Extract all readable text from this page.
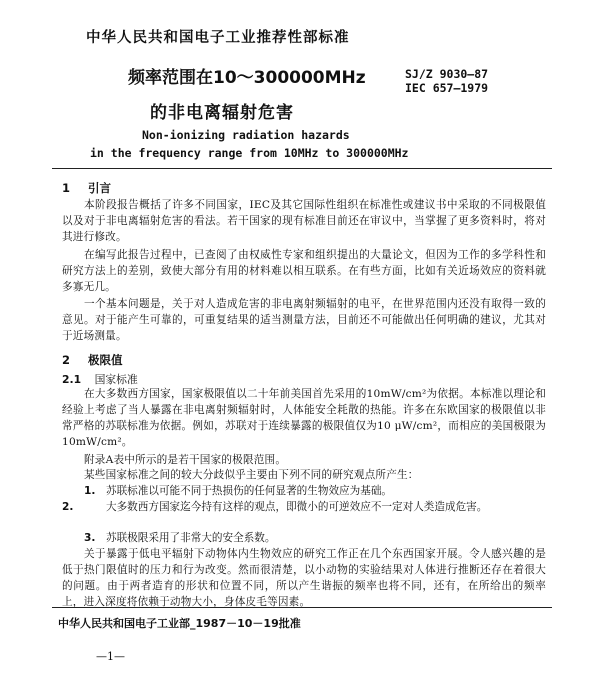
中华人民共和国电子工业推荐性部标准
频率范围在10～300000MHz
的非电离辐射危害
SJ/Z 9030—87
IEC 657—1979
Non-ionizing radiation hazards
in the frequency range from 10MHz to 300000MHz
1 引言
本阶段报告概括了许多不同国家，IEC及其它国际性组织在标准性或建议书中采取的不同极限值以及对于非电离辐射危害的看法。若干国家的现有标准目前还在审议中，当掌握了更多资料时，将对其进行修改。
在编写此报告过程中，已查阅了由权威性专家和组织提出的大量论文，但因为工作的多学科性和研究方法上的差别，致使大部分有用的材料难以相互联系。在有些方面，比如有关近场效应的资料就多寡无几。
一个基本问题是，关于对人造成危害的非电离射频辐射的电平，在世界范围内还没有取得一致的意见。对于能产生可靠的，可重复结果的适当测量方法，目前还不可能做出任何明确的建议，尤其对于近场测量。
2 极限值
2.1 国家标准
在大多数西方国家，国家极限值以二十年前美国首先采用的10mW/cm²为依据。本标准以理论和经验上考虑了当人暴露在非电离射频辐射时，人体能安全耗散的热能。许多在东欧国家的极限值以非常严格的苏联标准为依据。例如，苏联对于连续暴露的极限值仅为10 μW/cm²，而相应的美国极限为10mW/cm²。
附录A表中所示的是若干国家的极限范围。
某些国家标准之间的较大分歧似乎主要由下列不同的研究观点所产生：
1. 苏联标准以可能不同于热损伤的任何显著的生物效应为基础。
2.	大多数西方国家迄今持有这样的观点，即微小的可逆效应不一定对人类造成危害。
3. 苏联极限采用了非常大的安全系数。
关于暴露于低电平辐射下动物体内生物效应的研究工作正在几个东西国家开展。令人感兴趣的是低于热门限值时的压力和行为改变。然而很清楚，以小动物的实验结果对人体进行推断还存在着很大的问题。由于两者造育的形状和位置不同，所以产生谐振的频率也将不同，还有，在所给出的频率上，进入深度将依赖于动物大小，身体皮毛等因素。
中华人民共和国电子工业部_1987－10－19批准
—1—
